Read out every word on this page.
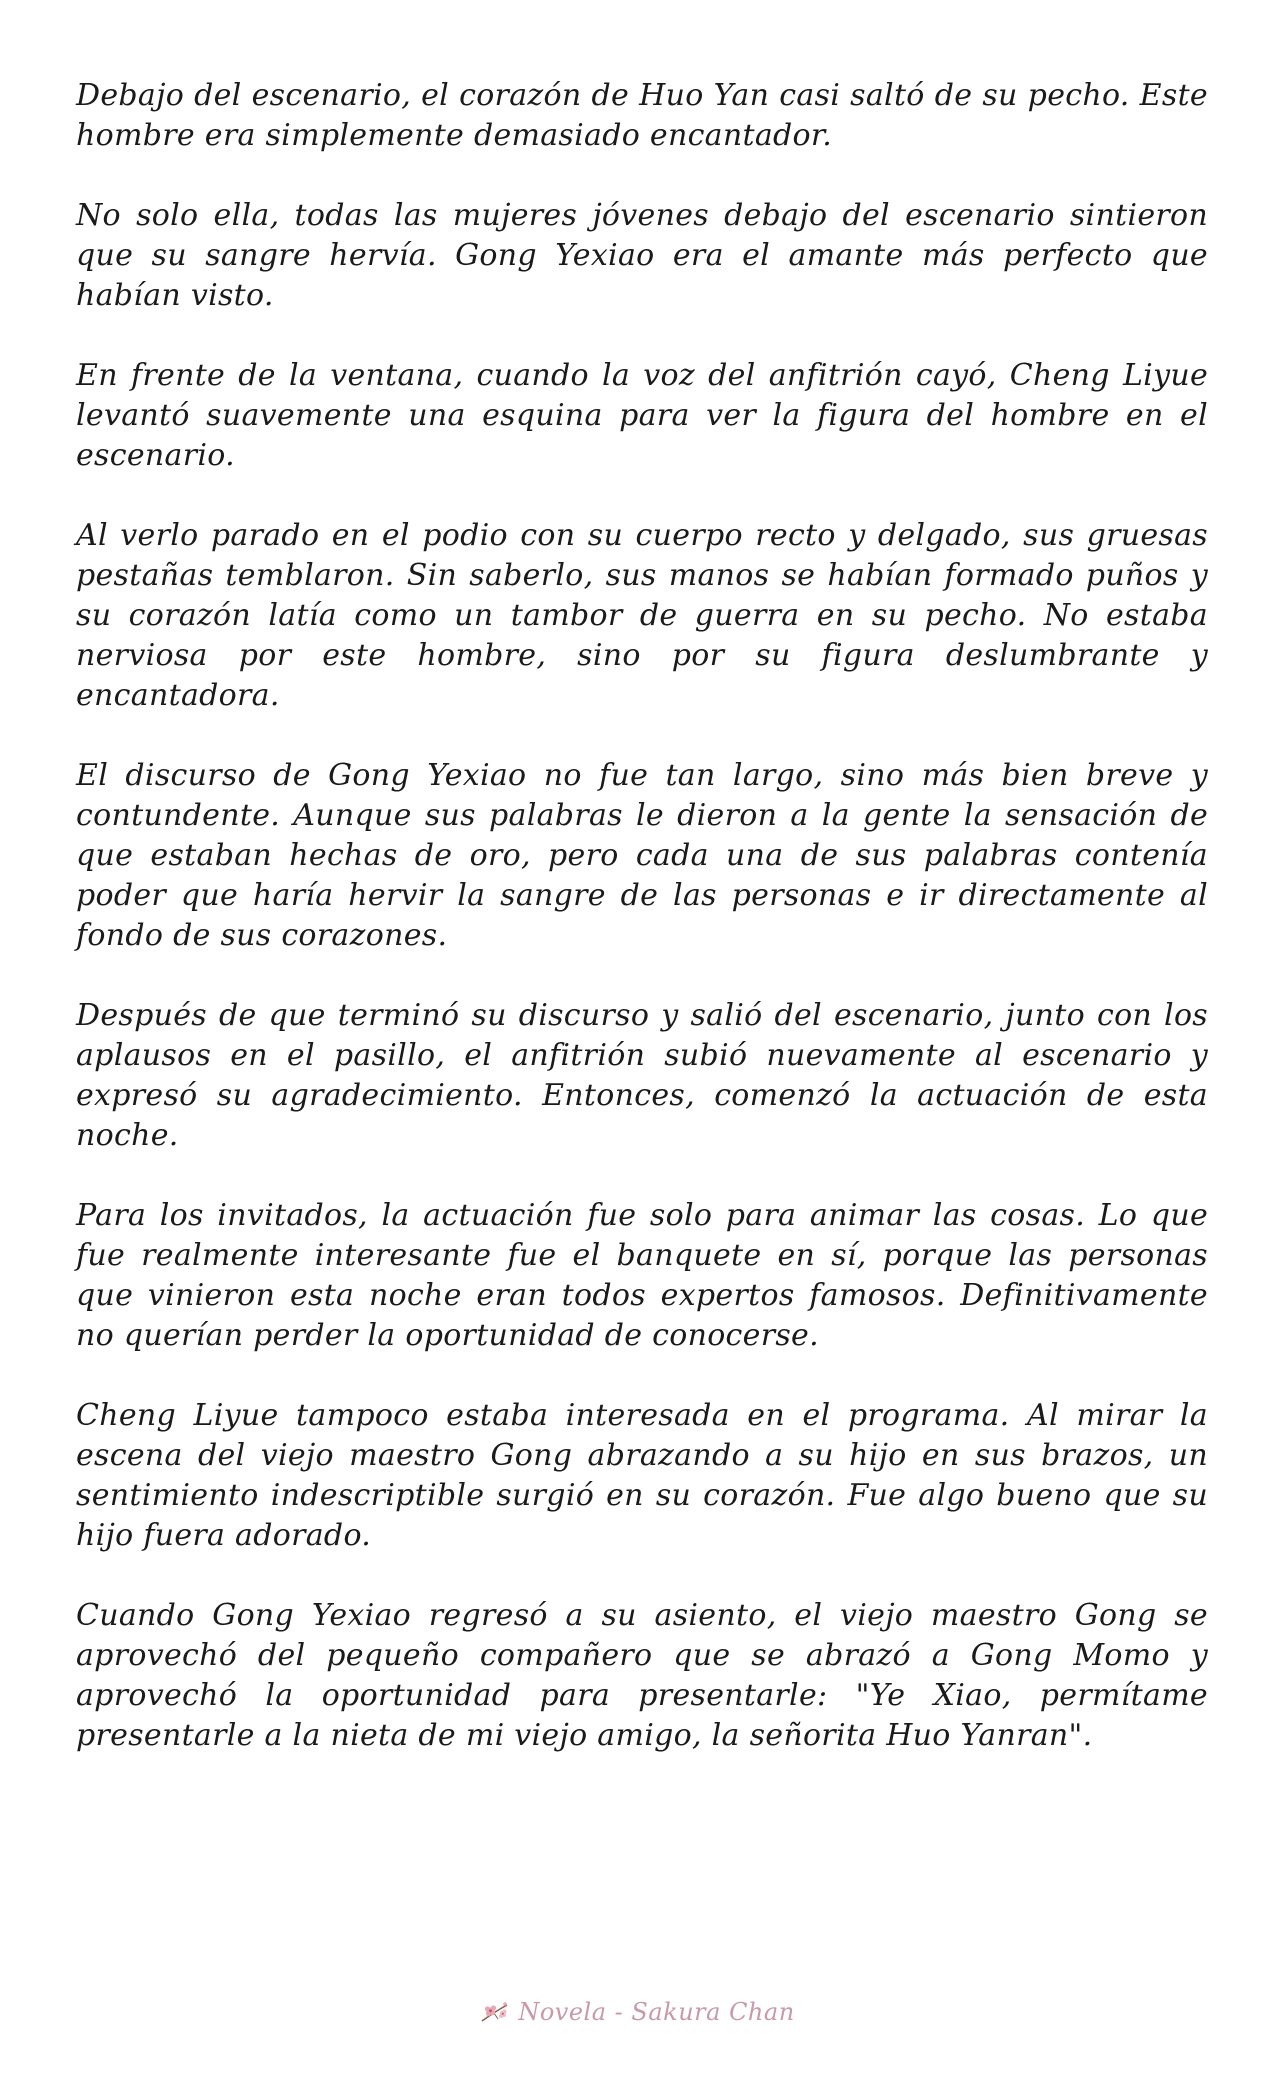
Debajo del escenario, el corazón de Huo Yan casi saltó de su pecho. Este hombre era simplemente demasiado encantador.

No solo ella, todas las mujeres jóvenes debajo del escenario sintieron que su sangre hervía. Gong Yexiao era el amante más perfecto que habían visto.

En frente de la ventana, cuando la voz del anfitrión cayó, Cheng Liyue levantó suavemente una esquina para ver la figura del hombre en el escenario.

Al verlo parado en el podio con su cuerpo recto y delgado, sus gruesas pestañas temblaron. Sin saberlo, sus manos se habían formado puños y su corazón latía como un tambor de guerra en su pecho. No estaba nerviosa por este hombre, sino por su figura deslumbrante y encantadora.

El discurso de Gong Yexiao no fue tan largo, sino más bien breve y contundente. Aunque sus palabras le dieron a la gente la sensación de que estaban hechas de oro, pero cada una de sus palabras contenía poder que haría hervir la sangre de las personas e ir directamente al fondo de sus corazones.

Después de que terminó su discurso y salió del escenario, junto con los aplausos en el pasillo, el anfitrión subió nuevamente al escenario y expresó su agradecimiento. Entonces, comenzó la actuación de esta noche.

Para los invitados, la actuación fue solo para animar las cosas. Lo que fue realmente interesante fue el banquete en sí, porque las personas que vinieron esta noche eran todos expertos famosos. Definitivamente no querían perder la oportunidad de conocerse.

Cheng Liyue tampoco estaba interesada en el programa. Al mirar la escena del viejo maestro Gong abrazando a su hijo en sus brazos, un sentimiento indescriptible surgió en su corazón. Fue algo bueno que su hijo fuera adorado.

Cuando Gong Yexiao regresó a su asiento, el viejo maestro Gong se aprovechó del pequeño compañero que se abrazó a Gong Momo y aprovechó la oportunidad para presentarle: "Ye Xiao, permítame presentarle a la nieta de mi viejo amigo, la señorita Huo Yanran".

Novela - Sakura Chan
